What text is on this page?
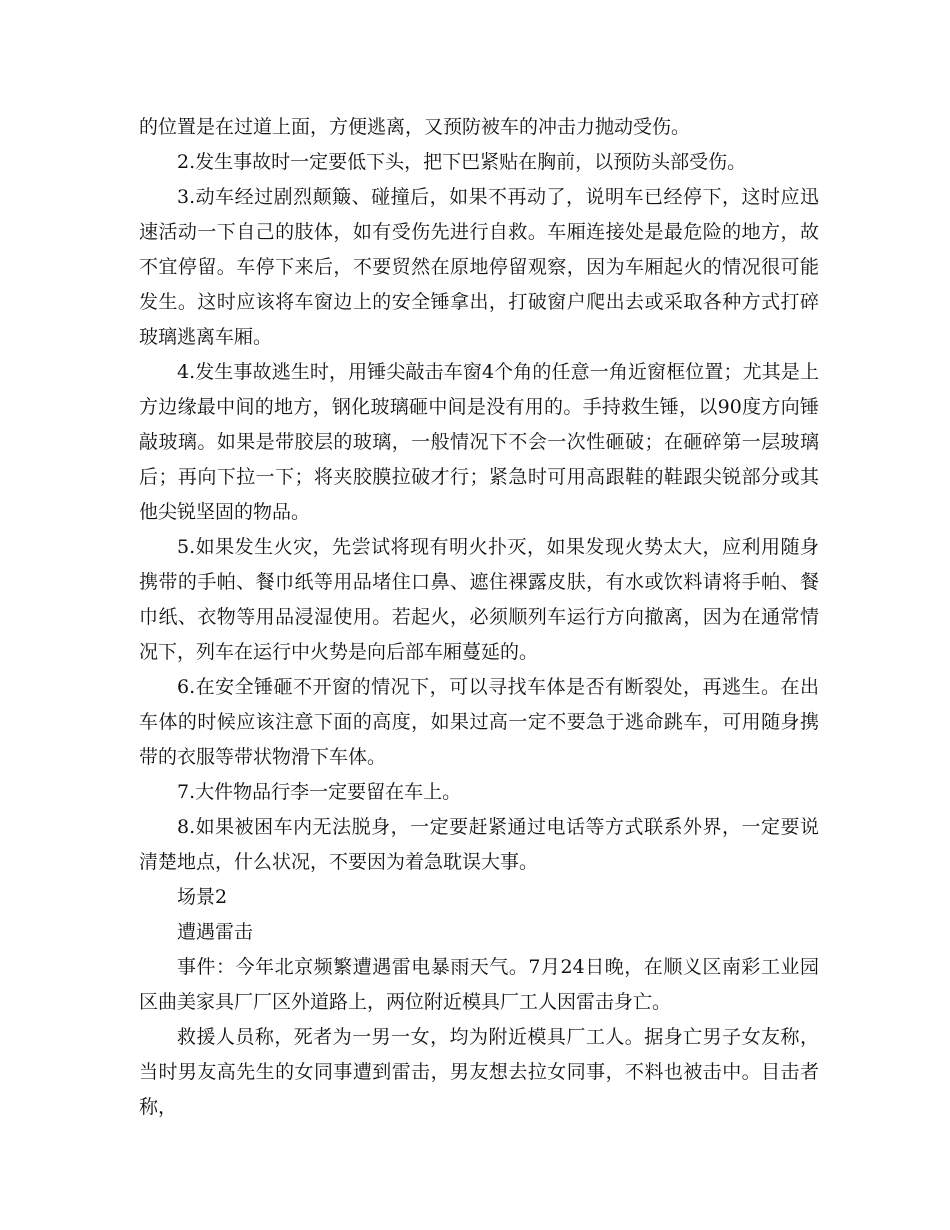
的位置是在过道上面，方便逃离，又预防被车的冲击力抛动受伤。

2.发生事故时一定要低下头，把下巴紧贴在胸前，以预防头部受伤。

3.动车经过剧烈颠簸、碰撞后，如果不再动了，说明车已经停下，这时应迅速活动一下自己的肢体，如有受伤先进行自救。车厢连接处是最危险的地方，故不宜停留。车停下来后，不要贸然在原地停留观察，因为车厢起火的情况很可能发生。这时应该将车窗边上的安全锤拿出，打破窗户爬出去或采取各种方式打碎玻璃逃离车厢。

4.发生事故逃生时，用锤尖敲击车窗4个角的任意一角近窗框位置；尤其是上方边缘最中间的地方，钢化玻璃砸中间是没有用的。手持救生锤，以90度方向锤敲玻璃。如果是带胶层的玻璃，一般情况下不会一次性砸破；在砸碎第一层玻璃后；再向下拉一下；将夹胶膜拉破才行；紧急时可用高跟鞋的鞋跟尖锐部分或其他尖锐坚固的物品。

5.如果发生火灾，先尝试将现有明火扑灭，如果发现火势太大，应利用随身携带的手帕、餐巾纸等用品堵住口鼻、遮住裸露皮肤，有水或饮料请将手帕、餐巾纸、衣物等用品浸湿使用。若起火，必须顺列车运行方向撤离，因为在通常情况下，列车在运行中火势是向后部车厢蔓延的。

6.在安全锤砸不开窗的情况下，可以寻找车体是否有断裂处，再逃生。在出车体的时候应该注意下面的高度，如果过高一定不要急于逃命跳车，可用随身携带的衣服等带状物滑下车体。

7.大件物品行李一定要留在车上。

8.如果被困车内无法脱身，一定要赶紧通过电话等方式联系外界，一定要说清楚地点，什么状况，不要因为着急耽误大事。

场景2

遭遇雷击

事件：今年北京频繁遭遇雷电暴雨天气。7月24日晚，在顺义区南彩工业园区曲美家具厂厂区外道路上，两位附近模具厂工人因雷击身亡。

救援人员称，死者为一男一女，均为附近模具厂工人。据身亡男子女友称，当时男友高先生的女同事遭到雷击，男友想去拉女同事，不料也被击中。目击者称，
